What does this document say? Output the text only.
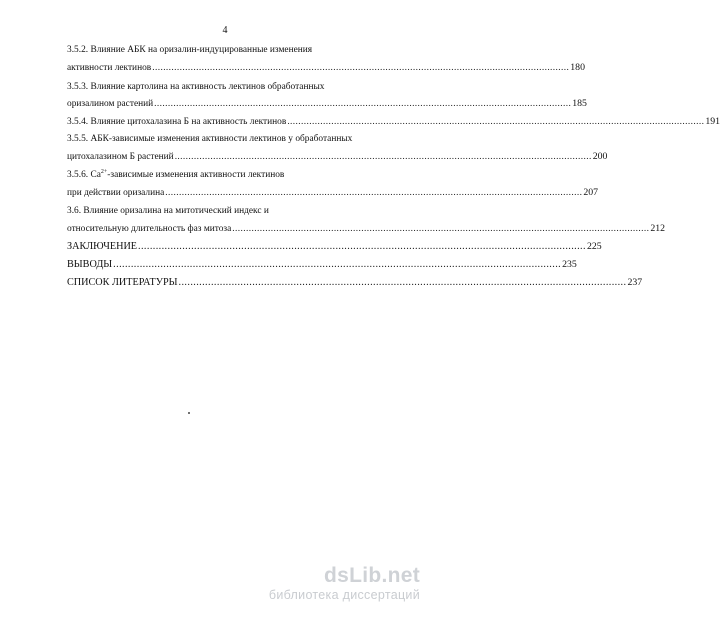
4
3.5.2. Влияние АБК на оризалин-индуцированные изменения
активности лектинов ........................................................................................................................................................ 180
3.5.3. Влияние картолина на активность лектинов обработанных
оризалином растений ........................................................................................................................................................ 185
3.5.4. Влияние цитохалазина Б на активность лектинов ........................................................................................................................................................ 191
3.5.5. АБК-зависимые изменения активности лектинов у обработанных
цитохалазином Б растений ........................................................................................................................................................ 200
3.5.6. $Ca^{2+}$-зависимые изменения активности лектинов
при действии оризалина ........................................................................................................................................................ 207
3.6. Влияние оризалина на митотический индекс и
относительную длительность фаз митоза ........................................................................................................................................................ 212
ЗАКЛЮЧЕНИЕ ........................................................................................................................................................ 225
ВЫВОДЫ ........................................................................................................................................................ 235
СПИСОК ЛИТЕРАТУРЫ ........................................................................................................................................................ 237
dsLib.net
библиотека диссертаций
